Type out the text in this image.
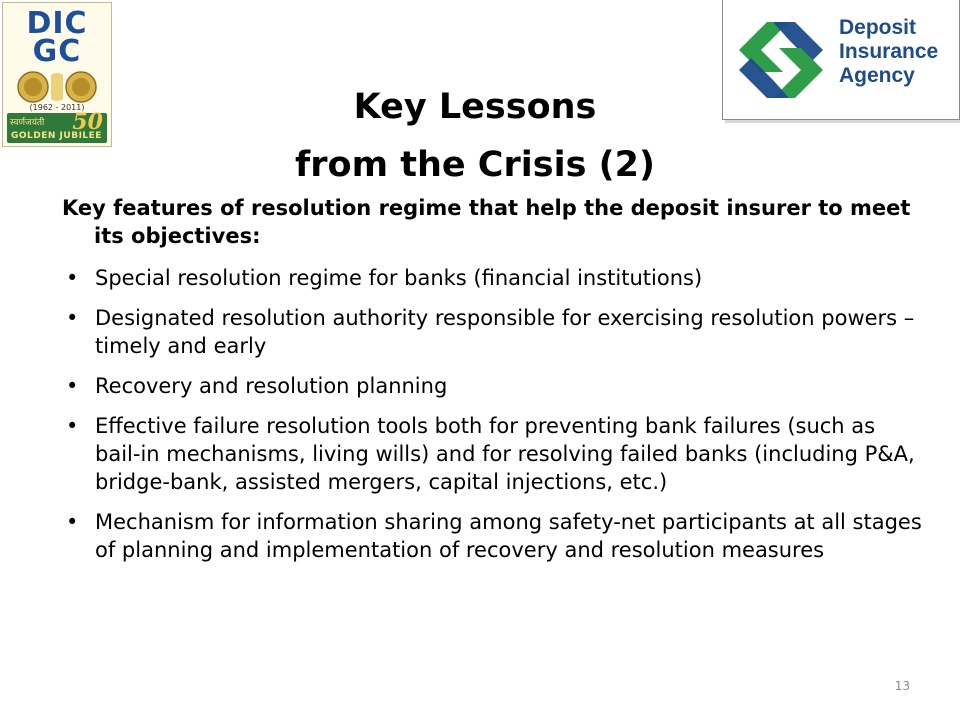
DIC
GC
(1962 - 2011)
स्वर्णजयंती 50
GOLDEN JUBILEE
Deposit
Insurance
Agency
Key Lessons
from the Crisis (2)

Key features of resolution regime that help the deposit insurer to meet its objectives:

• Special resolution regime for banks (financial institutions)
• Designated resolution authority responsible for exercising resolution powers – timely and early
• Recovery and resolution planning
• Effective failure resolution tools both for preventing bank failures (such as bail-in mechanisms, living wills) and for resolving failed banks (including P&A, bridge-bank, assisted mergers, capital injections, etc.)
• Mechanism for information sharing among safety-net participants at all stages of planning and implementation of recovery and resolution measures
13
